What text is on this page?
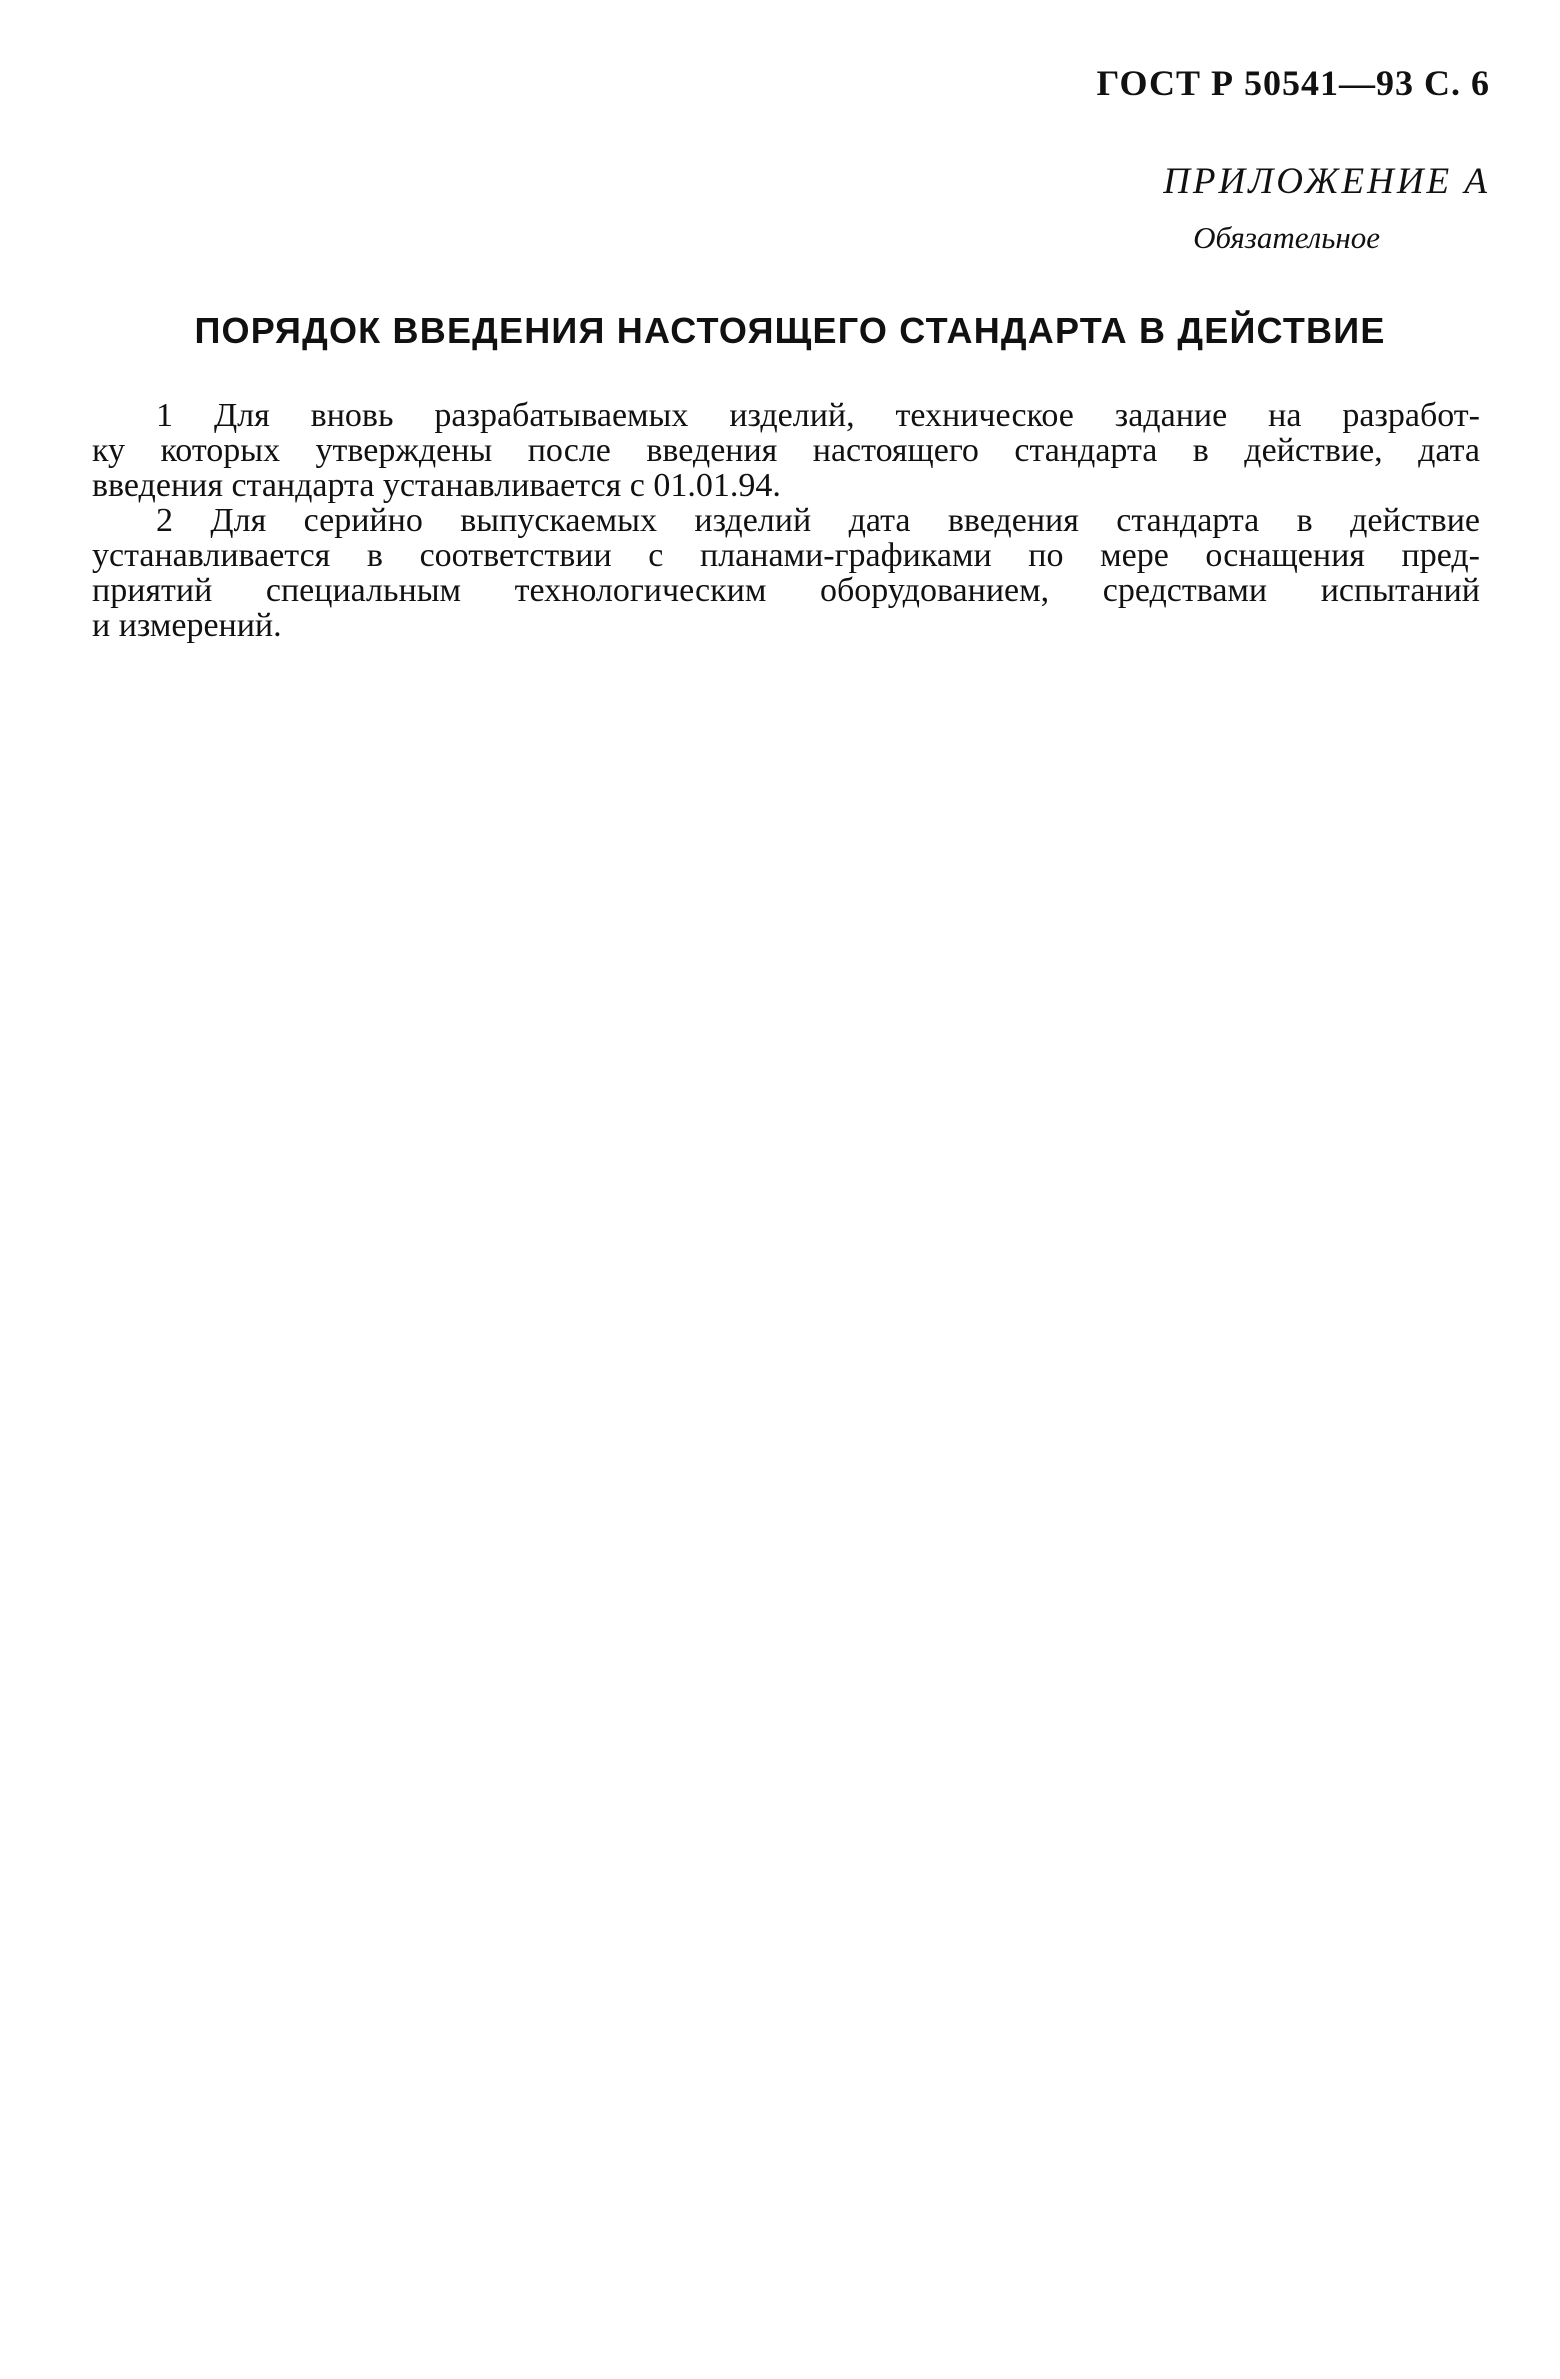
ГОСТ Р 50541—93 С. 6
ПРИЛОЖЕНИЕ А
Обязательное
ПОРЯДОК ВВЕДЕНИЯ НАСТОЯЩЕГО СТАНДАРТА В ДЕЙСТВИЕ

1 Для вновь разрабатываемых изделий, техническое задание на разработ-
ку которых утверждены после введения настоящего стандарта в действие, дата
введения стандарта устанавливается с 01.01.94.

2 Для серийно выпускаемых изделий дата введения стандарта в действие
устанавливается в соответствии с планами-графиками по мере оснащения пред-
приятий специальным технологическим оборудованием, средствами испытаний
и измерений.
